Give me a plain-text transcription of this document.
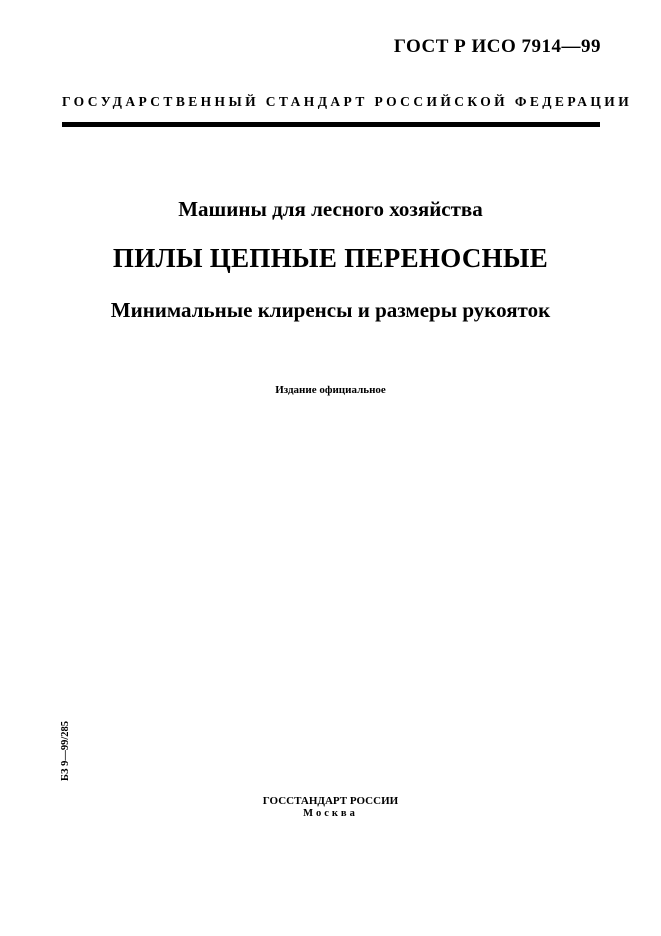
ГОСТ Р ИСО 7914—99
ГОСУДАРСТВЕННЫЙ СТАНДАРТ РОССИЙСКОЙ ФЕДЕРАЦИИ
Машины для лесного хозяйства
ПИЛЫ ЦЕПНЫЕ ПЕРЕНОСНЫЕ
Минимальные клиренсы и размеры рукояток
Издание официальное
БЗ 9—99/285
ГОССТАНДАРТ РОССИИ
Москва
